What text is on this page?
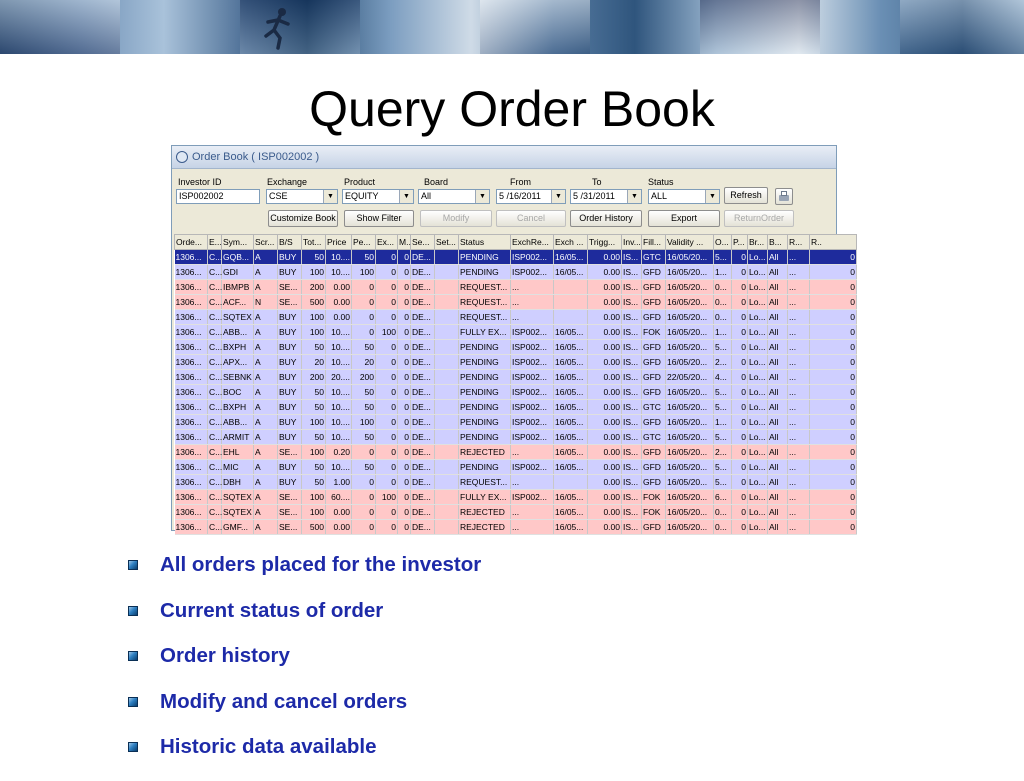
Query Order Book
Order Book ( ISP002002 )
Investor ID
ISP002002
Exchange
CSE	▼
Product
EQUITY	▼
Board
All	▼
From
5 /16/2011	▼
To
5 /31/2011	▼
Status
ALL	▼	Refresh
Customize Book	Show Filter	Modify	Cancel	Order History	Export	ReturnOrder
Orde...	E...	Sym...	Scr...	B/S	Tot...	Price	Pe...	Ex...	M..	Se...	Set...	Status	ExchRe...	Exch ...	Trigg...	Inv...	Fill...	Validity ...	O...	P...	Br...	B...	R...	R..
1306...	C...	GQB...	A	BUY	50	10....	50	0	0	DE...		PENDING	ISP002...	16/05...	0.00	IS...	GTC	16/05/20...	5...	0	Lo...	All	...	0
1306...	C...	GDI	A	BUY	100	10....	100	0	0	DE...		PENDING	ISP002...	16/05...	0.00	IS...	GFD	16/05/20...	1...	0	Lo...	All	...	0
1306...	C...	IBMPB	A	SE...	200	0.00	0	0	0	DE...		REQUEST...	...		0.00	IS...	GFD	16/05/20...	0...	0	Lo...	All	...	0
1306...	C...	ACF...	N	SE...	500	0.00	0	0	0	DE...		REQUEST...	...		0.00	IS...	GFD	16/05/20...	0...	0	Lo...	All	...	0
1306...	C...	SQTEX	A	BUY	100	0.00	0	0	0	DE...		REQUEST...	...		0.00	IS...	GFD	16/05/20...	0...	0	Lo...	All	...	0
1306...	C...	ABB...	A	BUY	100	10....	0	100	0	DE...		FULLY EX...	ISP002...	16/05...	0.00	IS...	FOK	16/05/20...	1...	0	Lo...	All	...	0
1306...	C...	BXPH	A	BUY	50	10....	50	0	0	DE...		PENDING	ISP002...	16/05...	0.00	IS...	GFD	16/05/20...	5...	0	Lo...	All	...	0
1306...	C...	APX...	A	BUY	20	10....	20	0	0	DE...		PENDING	ISP002...	16/05...	0.00	IS...	GFD	16/05/20...	2...	0	Lo...	All	...	0
1306...	C...	SEBNK	A	BUY	200	20....	200	0	0	DE...		PENDING	ISP002...	16/05...	0.00	IS...	GFD	22/05/20...	4...	0	Lo...	All	...	0
1306...	C...	BOC	A	BUY	50	10....	50	0	0	DE...		PENDING	ISP002...	16/05...	0.00	IS...	GFD	16/05/20...	5...	0	Lo...	All	...	0
1306...	C...	BXPH	A	BUY	50	10....	50	0	0	DE...		PENDING	ISP002...	16/05...	0.00	IS...	GTC	16/05/20...	5...	0	Lo...	All	...	0
1306...	C...	ABB...	A	BUY	100	10....	100	0	0	DE...		PENDING	ISP002...	16/05...	0.00	IS...	GFD	16/05/20...	1...	0	Lo...	All	...	0
1306...	C...	ARMIT	A	BUY	50	10....	50	0	0	DE...		PENDING	ISP002...	16/05...	0.00	IS...	GTC	16/05/20...	5...	0	Lo...	All	...	0
1306...	C...	EHL	A	SE...	100	0.20	0	0	0	DE...		REJECTED	...	16/05...	0.00	IS...	GFD	16/05/20...	2...	0	Lo...	All	...	0
1306...	C...	MIC	A	BUY	50	10....	50	0	0	DE...		PENDING	ISP002...	16/05...	0.00	IS...	GFD	16/05/20...	5...	0	Lo...	All	...	0
1306...	C...	DBH	A	BUY	50	1.00	0	0	0	DE...		REQUEST...	...		0.00	IS...	GFD	16/05/20...	5...	0	Lo...	All	...	0
1306...	C...	SQTEX	A	SE...	100	60....	0	100	0	DE...		FULLY EX...	ISP002...	16/05...	0.00	IS...	FOK	16/05/20...	6...	0	Lo...	All	...	0
1306...	C...	SQTEX	A	SE...	100	0.00	0	0	0	DE...		REJECTED	...	16/05...	0.00	IS...	FOK	16/05/20...	0...	0	Lo...	All	...	0
1306...	C...	GMF...	A	SE...	500	0.00	0	0	0	DE...		REJECTED	...	16/05...	0.00	IS...	GFD	16/05/20...	0...	0	Lo...	All	...	0
All orders placed for the investor
Current status of order
Order history
Modify and cancel orders
Historic data available
